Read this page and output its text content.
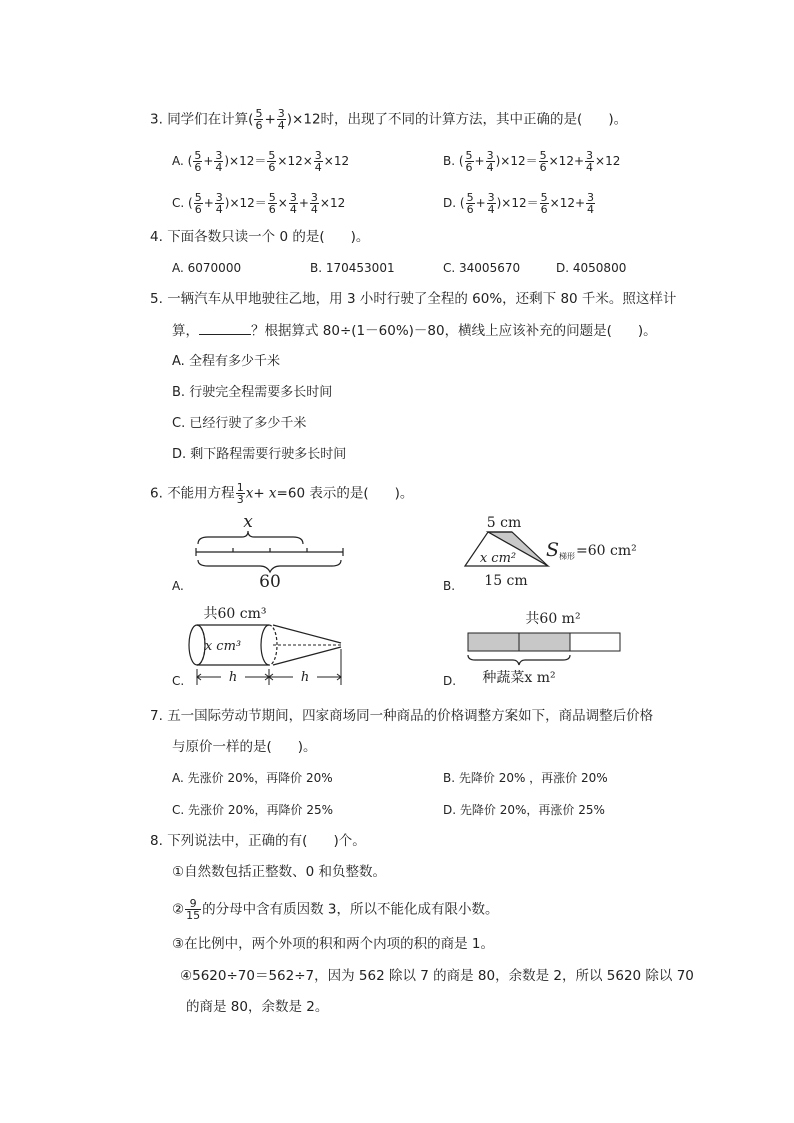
3. 同学们在计算( $\frac{5}{6} + \frac{3}{4} )\times 12$时，出现了不同的计算方法，其中正确的是( )。
A. ( $\frac{5}{6} + \frac{3}{4} )\times 12= \frac{5}{6} \times 12\times \frac{3}{4} \times 12$	B. ( $\frac{5}{6} + \frac{3}{4} )\times 12= \frac{5}{6} \times 12+ \frac{3}{4} \times 12$
C. ( $\frac{5}{6} + \frac{3}{4} )\times 12= \frac{5}{6} \times \frac{3}{4} + \frac{3}{4} \times 12$	D. ( $\frac{5}{6} + \frac{3}{4} )\times 12= \frac{5}{6} \times 12+ \frac{3}{4}$
4. 下面各数只读一个 0 的是( )。
A. 6070000	B. 170453001	C. 34005670	D. 4050800
5. 一辆汽车从甲地驶往乙地，用 3 小时行驶了全程的 60%，还剩下 80 千米。照这样计
算，	？根据算式 80÷(1－60%)－80，横线上应该补充的问题是( )。
A. 全程有多少千米
B. 行驶完全程需要多长时间
C. 已经行驶了多少千米
D. 剩下路程需要行驶多长时间
6. 不能用方程 $\frac{1}{3} x+ x=60$ 表示的是( )。
A.
x
60	B.
5 cm
x cm²
15 cm
S 梯形 =60 cm²
C.
共60 cm³
x cm³
h	h	D.
共60 m²
种蔬菜x m²
7. 五一国际劳动节期间，四家商场同一种商品的价格调整方案如下，商品调整后价格
与原价一样的是( )。
A. 先涨价 20%，再降价 20%	B. 先降价 20% ，再涨价 20%
C. 先涨价 20%，再降价 25%	D. 先降价 20%，再涨价 25%
8. 下列说法中，正确的有( )个。
①自然数包括正整数、0 和负整数。
② $\frac{9}{15}$ 的分母中含有质因数 3，所以不能化成有限小数。
③在比例中，两个外项的积和两个内项的积的商是 1。
④5620÷70＝562÷7，因为 562 除以 7 的商是 80，余数是 2，所以 5620 除以 70
的商是 80，余数是 2。
